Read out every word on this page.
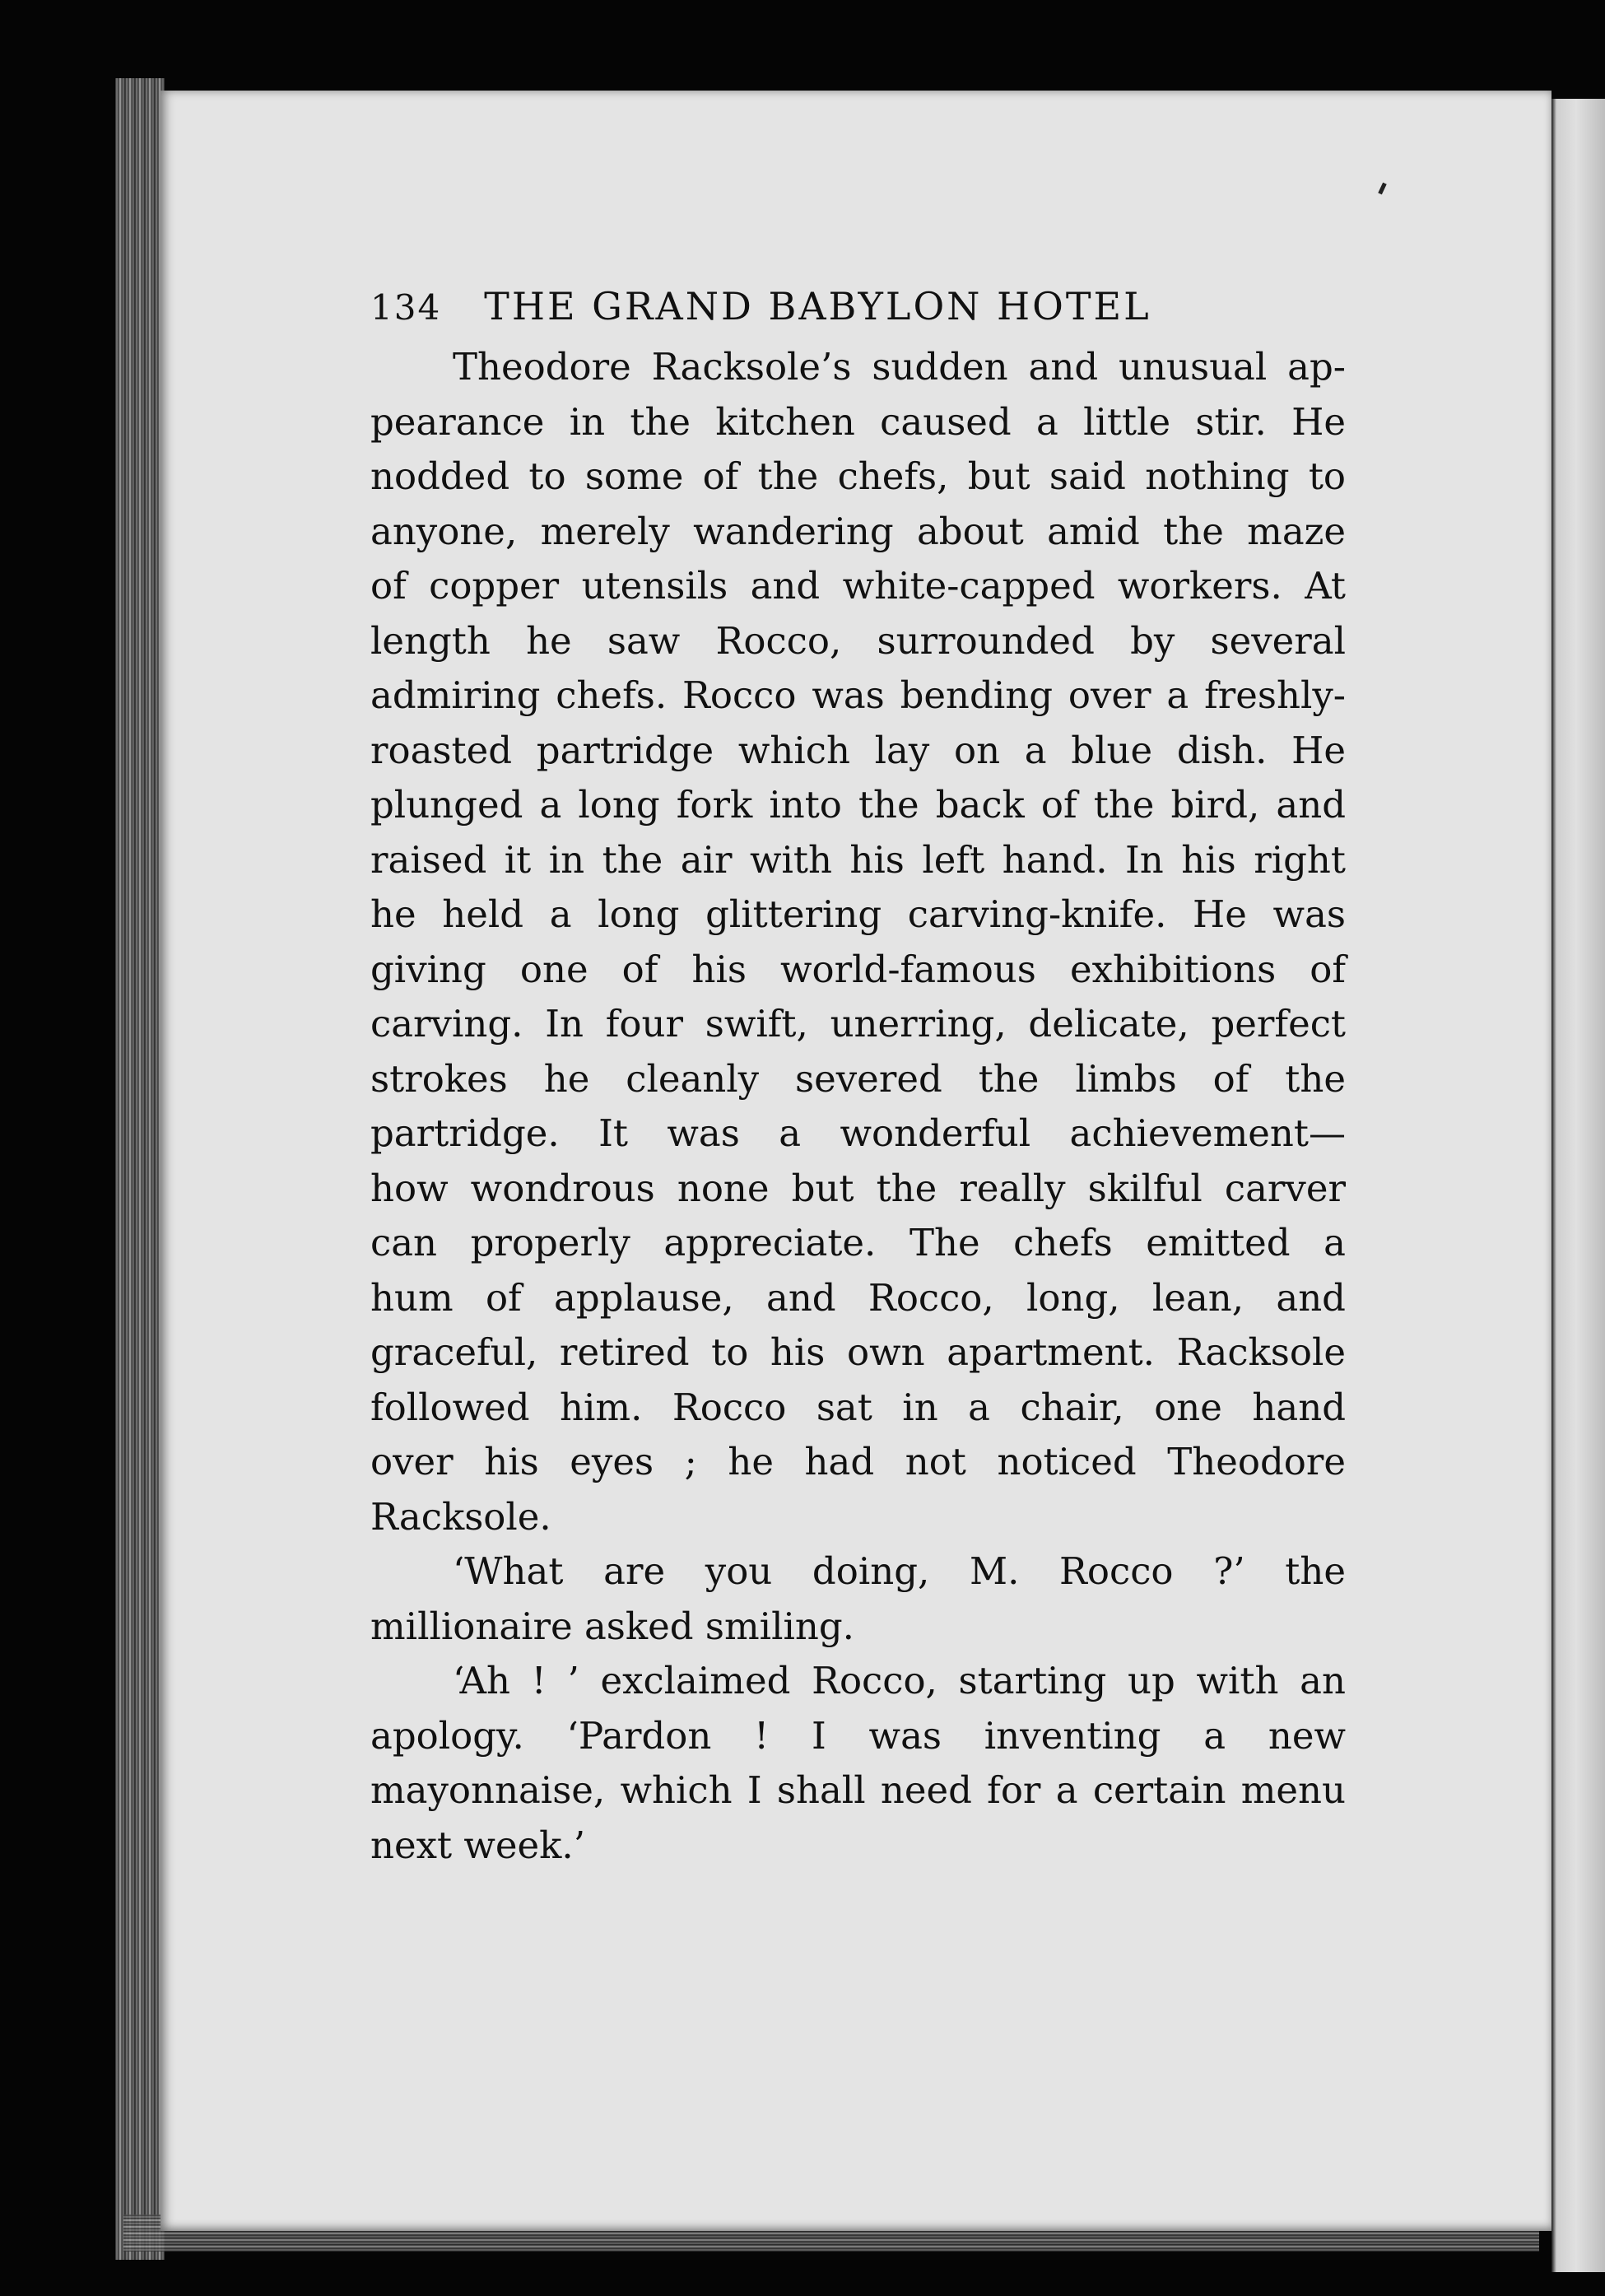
134 THE GRAND BABYLON HOTEL
Theodore Racksole’s sudden and unusual ap-
pearance in the kitchen caused a little stir. He
nodded to some of the chefs, but said nothing to
anyone, merely wandering about amid the maze
of copper utensils and white-capped workers. At
length he saw Rocco, surrounded by several
admiring chefs. Rocco was bending over a freshly-
roasted partridge which lay on a blue dish. He
plunged a long fork into the back of the bird, and
raised it in the air with his left hand. In his right
he held a long glittering carving-knife. He was
giving one of his world-famous exhibitions of
carving. In four swift, unerring, delicate, perfect
strokes he cleanly severed the limbs of the
partridge. It was a wonderful achievement—
how wondrous none but the really skilful carver
can properly appreciate. The chefs emitted a
hum of applause, and Rocco, long, lean, and
graceful, retired to his own apartment. Racksole
followed him. Rocco sat in a chair, one hand
over his eyes ; he had not noticed Theodore
Racksole.
‘What are you doing, M. Rocco ?’ the
millionaire asked smiling.
‘Ah ! ’ exclaimed Rocco, starting up with an
apology. ‘Pardon ! I was inventing a new
mayonnaise, which I shall need for a certain menu
next week.’
